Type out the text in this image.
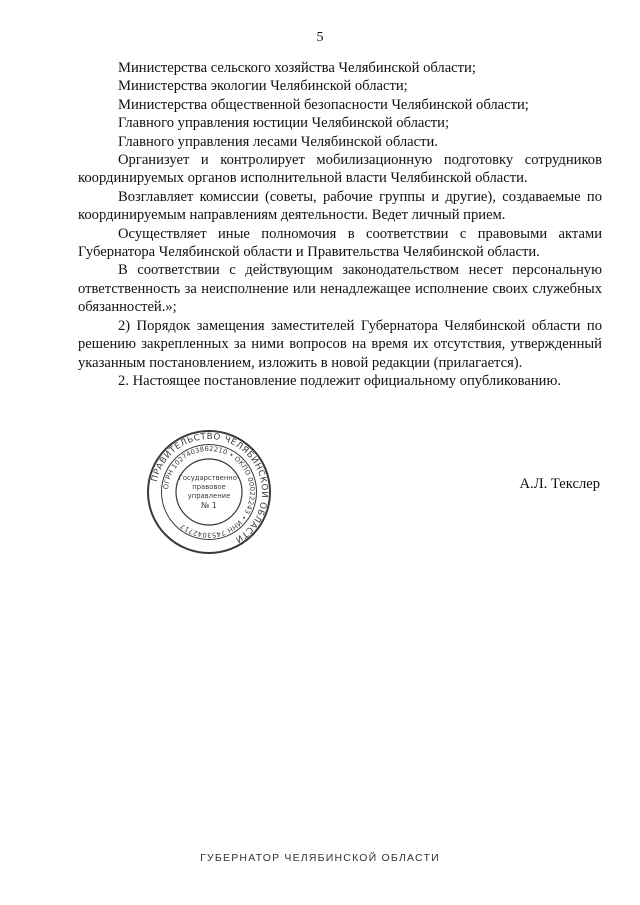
5

Министерства сельского хозяйства Челябинской области;

Министерства экологии Челябинской области;

Министерства общественной безопасности Челябинской области;

Главного управления юстиции Челябинской области;

Главного управления лесами Челябинской области.

Организует и контролирует мобилизационную подготовку сотрудников координируемых органов исполнительной власти Челябинской области.

Возглавляет комиссии (советы, рабочие группы и другие), создаваемые по координируемым направлениям деятельности. Ведет личный прием.

Осуществляет иные полномочия в соответствии с правовыми актами Губернатора Челябинской области и Правительства Челябинской области.

В соответствии с действующим законодательством несет персональную ответственность за неисполнение или ненадлежащее исполнение своих служебных обязанностей.»;

2) Порядок замещения заместителей Губернатора Челябинской области по решению закрепленных за ними вопросов на время их отсутствия, утвержденный указанным постановлением, изложить в новой редакции (прилагается).

2. Настоящее постановление подлежит официальному опубликованию.

ПРАВИТЕЛЬСТВО ЧЕЛЯБИНСКОЙ ОБЛАСТИ
ОГРН 1027403862210 • ОКПО 00022243 • ИНН 7453042717
Государственно-
правовое
управление
№ 1
А.Л. Текслер
ГУБЕРНАТОР ЧЕЛЯБИНСКОЙ ОБЛАСТИ
